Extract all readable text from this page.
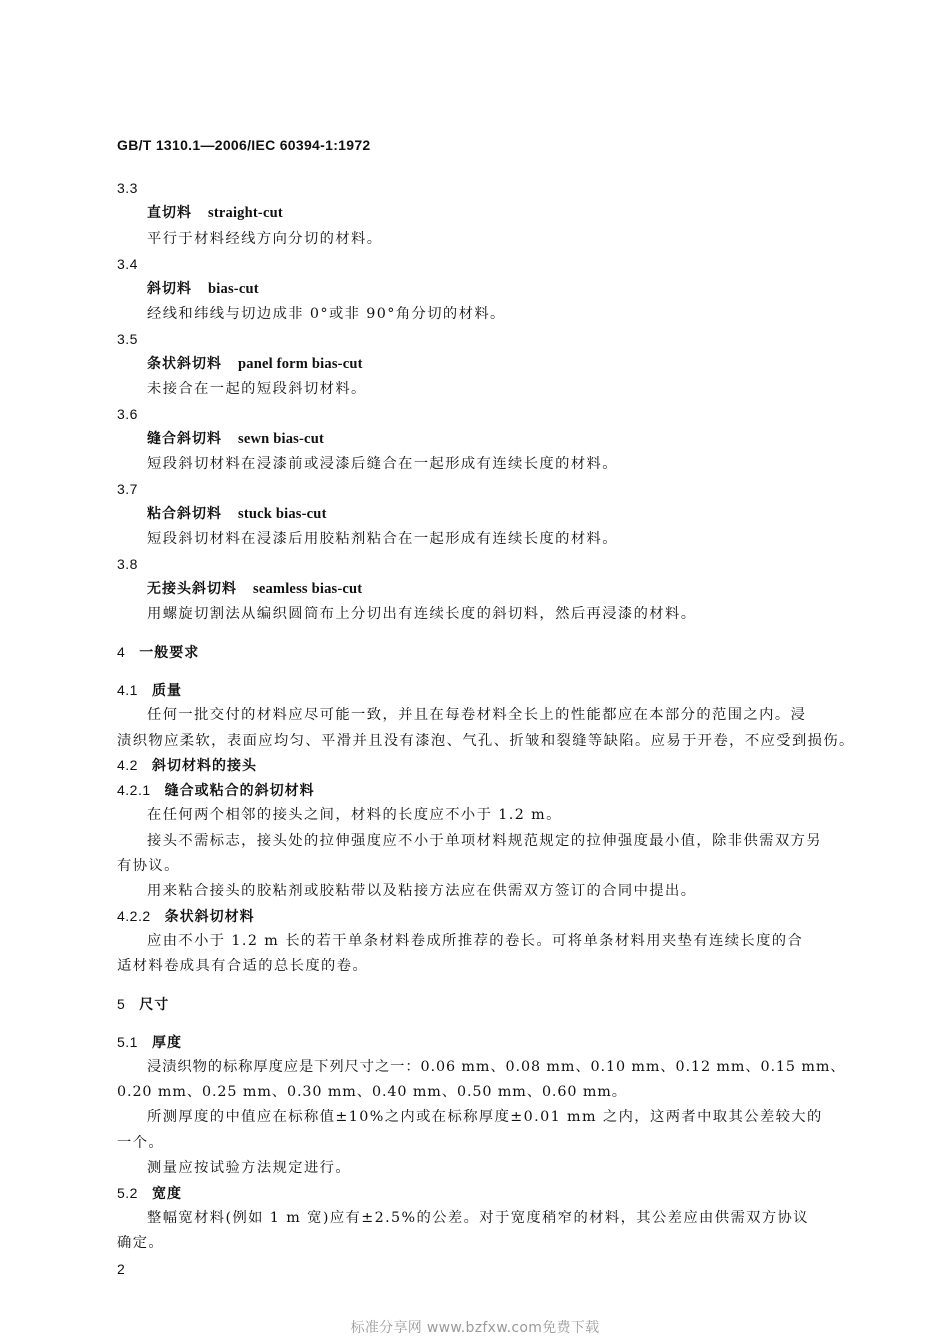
GB/T 1310.1—2006/IEC 60394-1:1972
3.3
直切料 straight-cut
平行于材料经线方向分切的材料。
3.4
斜切料 bias-cut
经线和纬线与切边成非 0°或非 90°角分切的材料。
3.5
条状斜切料 panel form bias-cut
未接合在一起的短段斜切材料。
3.6
缝合斜切料 sewn bias-cut
短段斜切材料在浸漆前或浸漆后缝合在一起形成有连续长度的材料。
3.7
粘合斜切料 stuck bias-cut
短段斜切材料在浸漆后用胶粘剂粘合在一起形成有连续长度的材料。
3.8
无接头斜切料 seamless bias-cut
用螺旋切割法从编织圆筒布上分切出有连续长度的斜切料，然后再浸漆的材料。
4 一般要求
4.1 质量
任何一批交付的材料应尽可能一致，并且在每卷材料全长上的性能都应在本部分的范围之内。浸
渍织物应柔软，表面应均匀、平滑并且没有漆泡、气孔、折皱和裂缝等缺陷。应易于开卷，不应受到损伤。
4.2 斜切材料的接头
4.2.1 缝合或粘合的斜切材料
在任何两个相邻的接头之间，材料的长度应不小于 1.2 m。
接头不需标志，接头处的拉伸强度应不小于单项材料规范规定的拉伸强度最小值，除非供需双方另
有协议。
用来粘合接头的胶粘剂或胶粘带以及粘接方法应在供需双方签订的合同中提出。
4.2.2 条状斜切材料
应由不小于 1.2 m 长的若干单条材料卷成所推荐的卷长。可将单条材料用夹垫有连续长度的合
适材料卷成具有合适的总长度的卷。
5 尺寸
5.1 厚度
浸渍织物的标称厚度应是下列尺寸之一：0.06 mm、0.08 mm、0.10 mm、0.12 mm、0.15 mm、
0.20 mm、0.25 mm、0.30 mm、0.40 mm、0.50 mm、0.60 mm。
所测厚度的中值应在标称值±10%之内或在标称厚度±0.01 mm 之内，这两者中取其公差较大的
一个。
测量应按试验方法规定进行。
5.2 宽度
整幅宽材料(例如 1 m 宽)应有±2.5%的公差。对于宽度稍窄的材料，其公差应由供需双方协议
确定。
2
标准分享网 www.bzfxw.com免费下载
